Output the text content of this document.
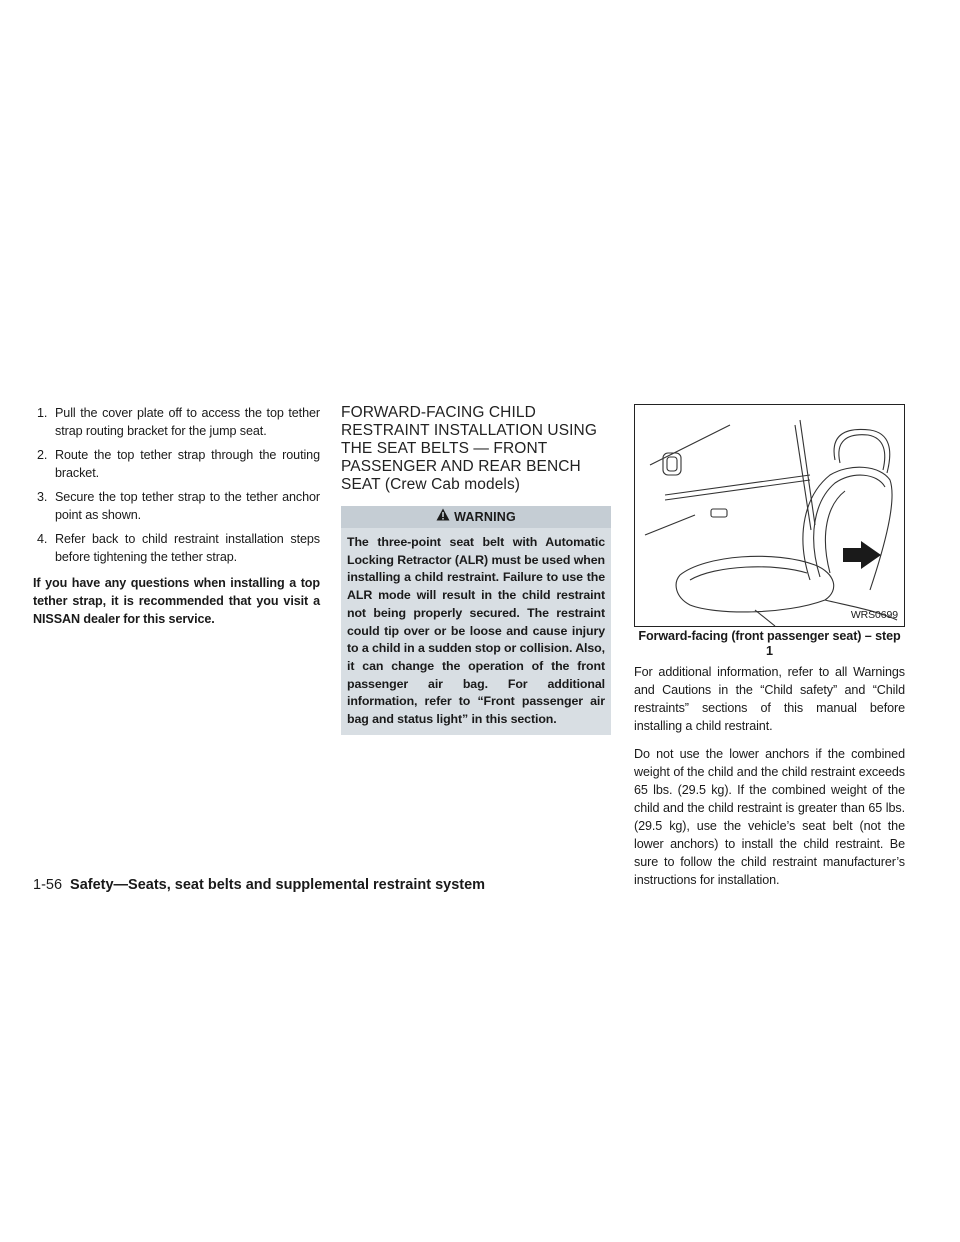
1. Pull the cover plate off to access the top tether strap routing bracket for the jump seat.
2. Route the top tether strap through the routing bracket.
3. Secure the top tether strap to the tether anchor point as shown.
4. Refer back to child restraint installation steps before tightening the tether strap.

If you have any questions when installing a top tether strap, it is recommended that you visit a NISSAN dealer for this service.

FORWARD-FACING CHILD RESTRAINT INSTALLATION USING THE SEAT BELTS — FRONT PASSENGER AND REAR BENCH SEAT (Crew Cab models)
WARNING
The three-point seat belt with Automatic Locking Retractor (ALR) must be used when installing a child restraint. Failure to use the ALR mode will result in the child restraint not being properly secured. The restraint could tip over or be loose and cause injury to a child in a sudden stop or collision. Also, it can change the operation of the front passenger air bag. For additional information, refer to “Front passenger air bag and status light” in this section.
WRS0699
Forward-facing (front passenger seat) – step 1

For additional information, refer to all Warnings and Cautions in the “Child safety” and “Child restraints” sections of this manual before installing a child restraint.

Do not use the lower anchors if the combined weight of the child and the child restraint exceeds 65 lbs. (29.5 kg). If the combined weight of the child and the child restraint is greater than 65 lbs. (29.5 kg), use the vehicle’s seat belt (not the lower anchors) to install the child restraint. Be sure to follow the child restraint manufacturer’s instructions for installation.

1-56 Safety—Seats, seat belts and supplemental restraint system
